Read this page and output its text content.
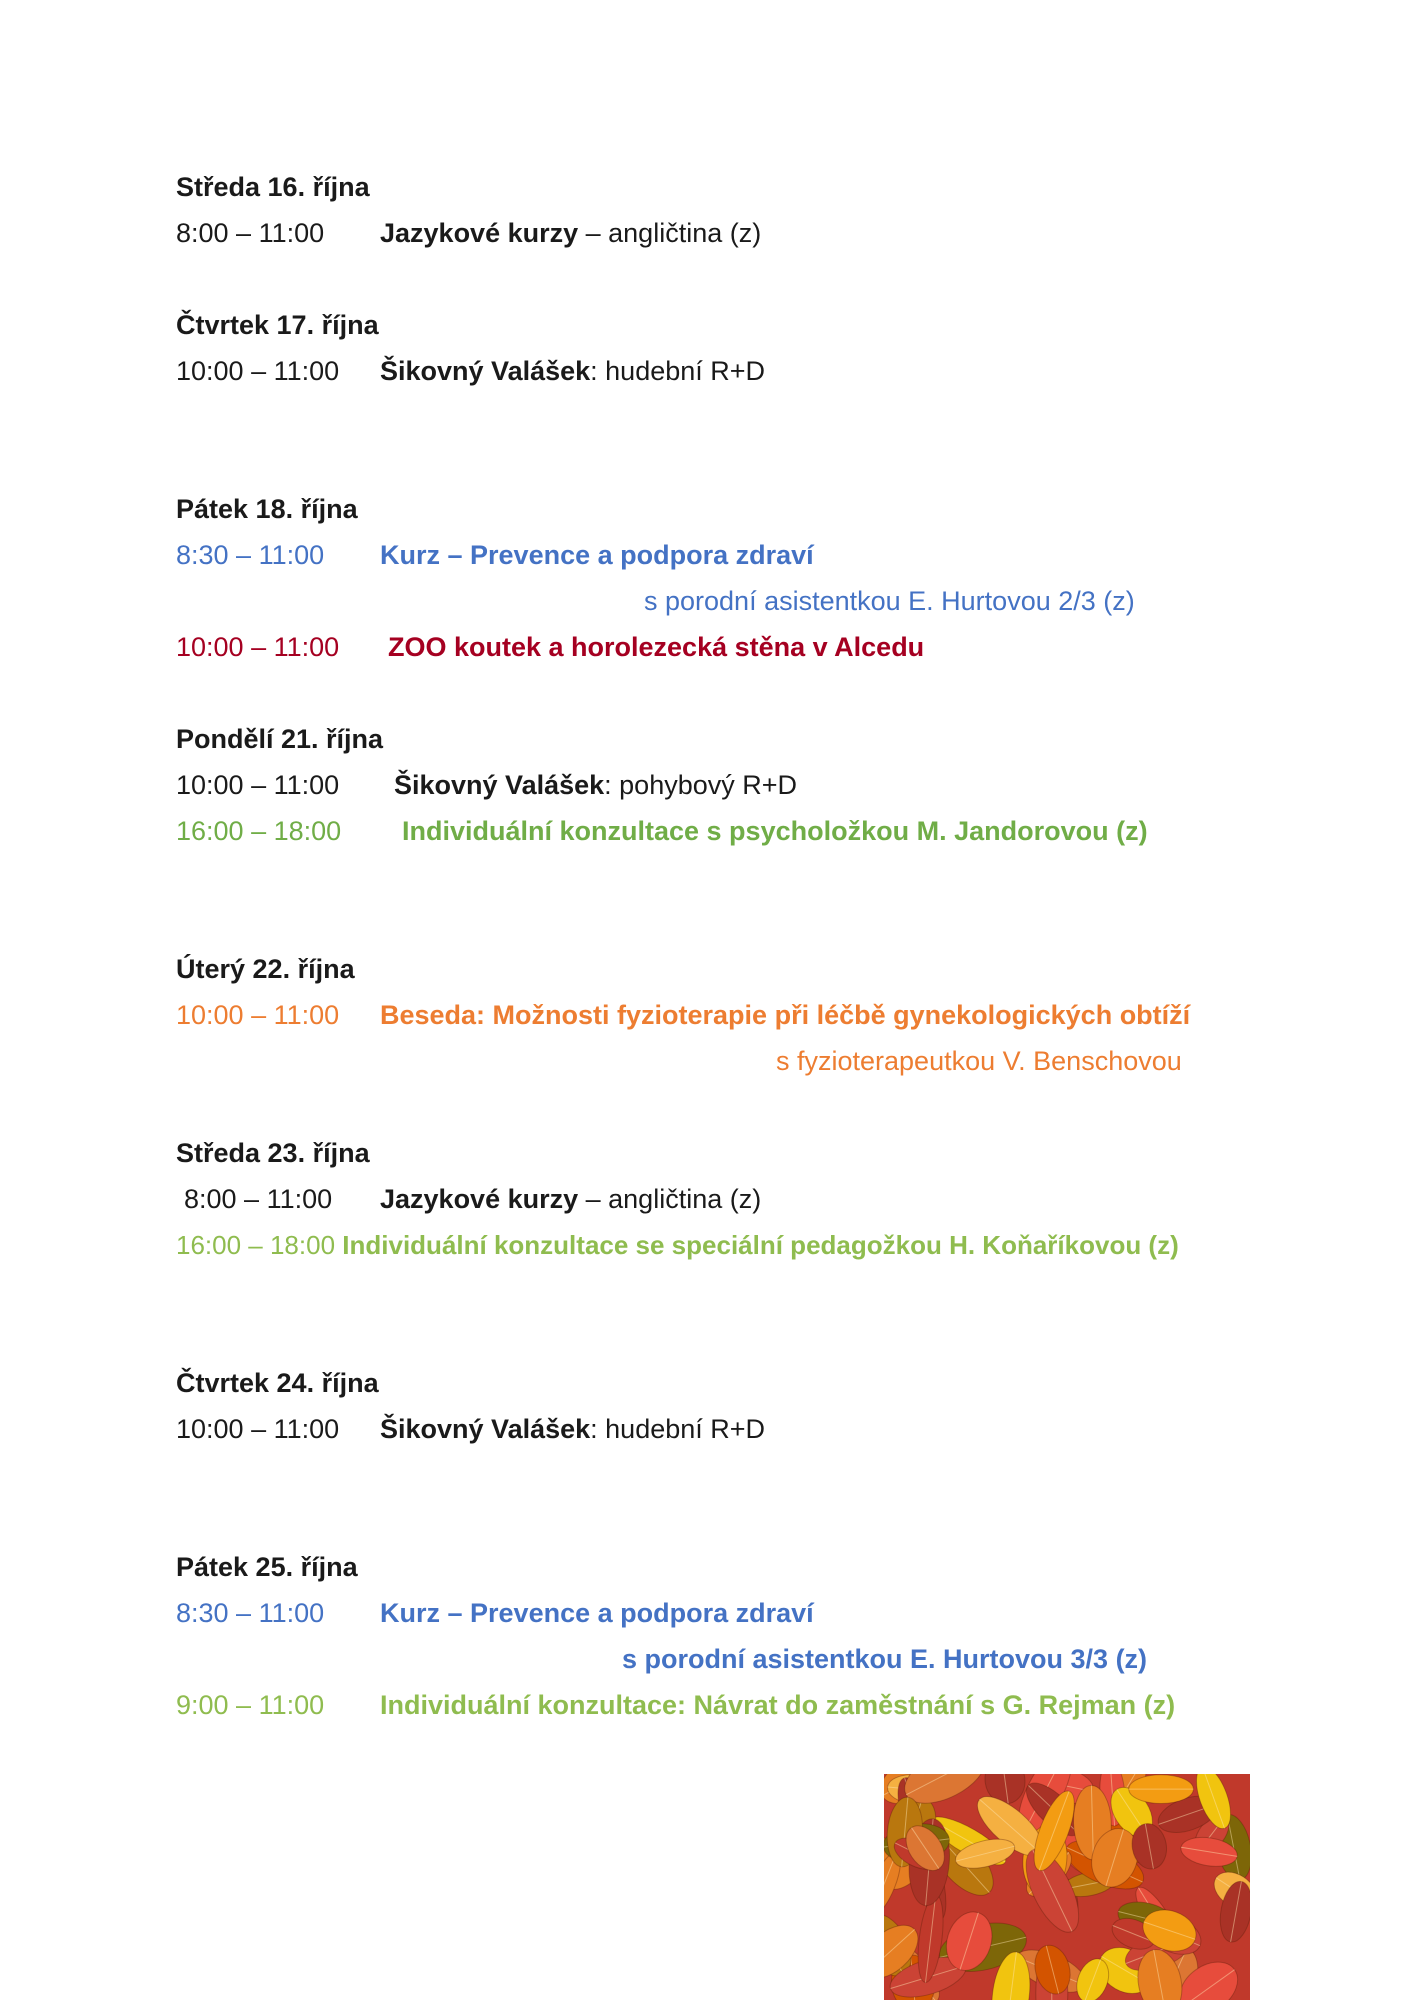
Středa 16. října
8:00 – 11:00 Jazykové kurzy – angličtina (z)
Čtvrtek 17. října
10:00 – 11:00 Šikovný Valášek: hudební R+D
Pátek 18. října
8:30 – 11:00 Kurz – Prevence a podpora zdraví
s porodní asistentkou E. Hurtovou 2/3 (z)
10:00 – 11:00 ZOO koutek a horolezecká stěna v Alcedu
Pondělí 21. října
10:00 – 11:00 Šikovný Valášek: pohybový R+D
16:00 – 18:00 Individuální konzultace s psycholožkou M. Jandorovou (z)
Úterý 22. října
10:00 – 11:00 Beseda: Možnosti fyzioterapie při léčbě gynekologických obtíží
s fyzioterapeutkou V. Benschovou
Středa 23. října
8:00 – 11:00 Jazykové kurzy – angličtina (z)
16:00 – 18:00 Individuální konzultace se speciální pedagožkou H. Koňaříkovou (z)
Čtvrtek 24. října
10:00 – 11:00 Šikovný Valášek: hudební R+D
Pátek 25. října
8:30 – 11:00 Kurz – Prevence a podpora zdraví
s porodní asistentkou E. Hurtovou 3/3 (z)
9:00 – 11:00 Individuální konzultace: Návrat do zaměstnání s G. Rejman (z)
